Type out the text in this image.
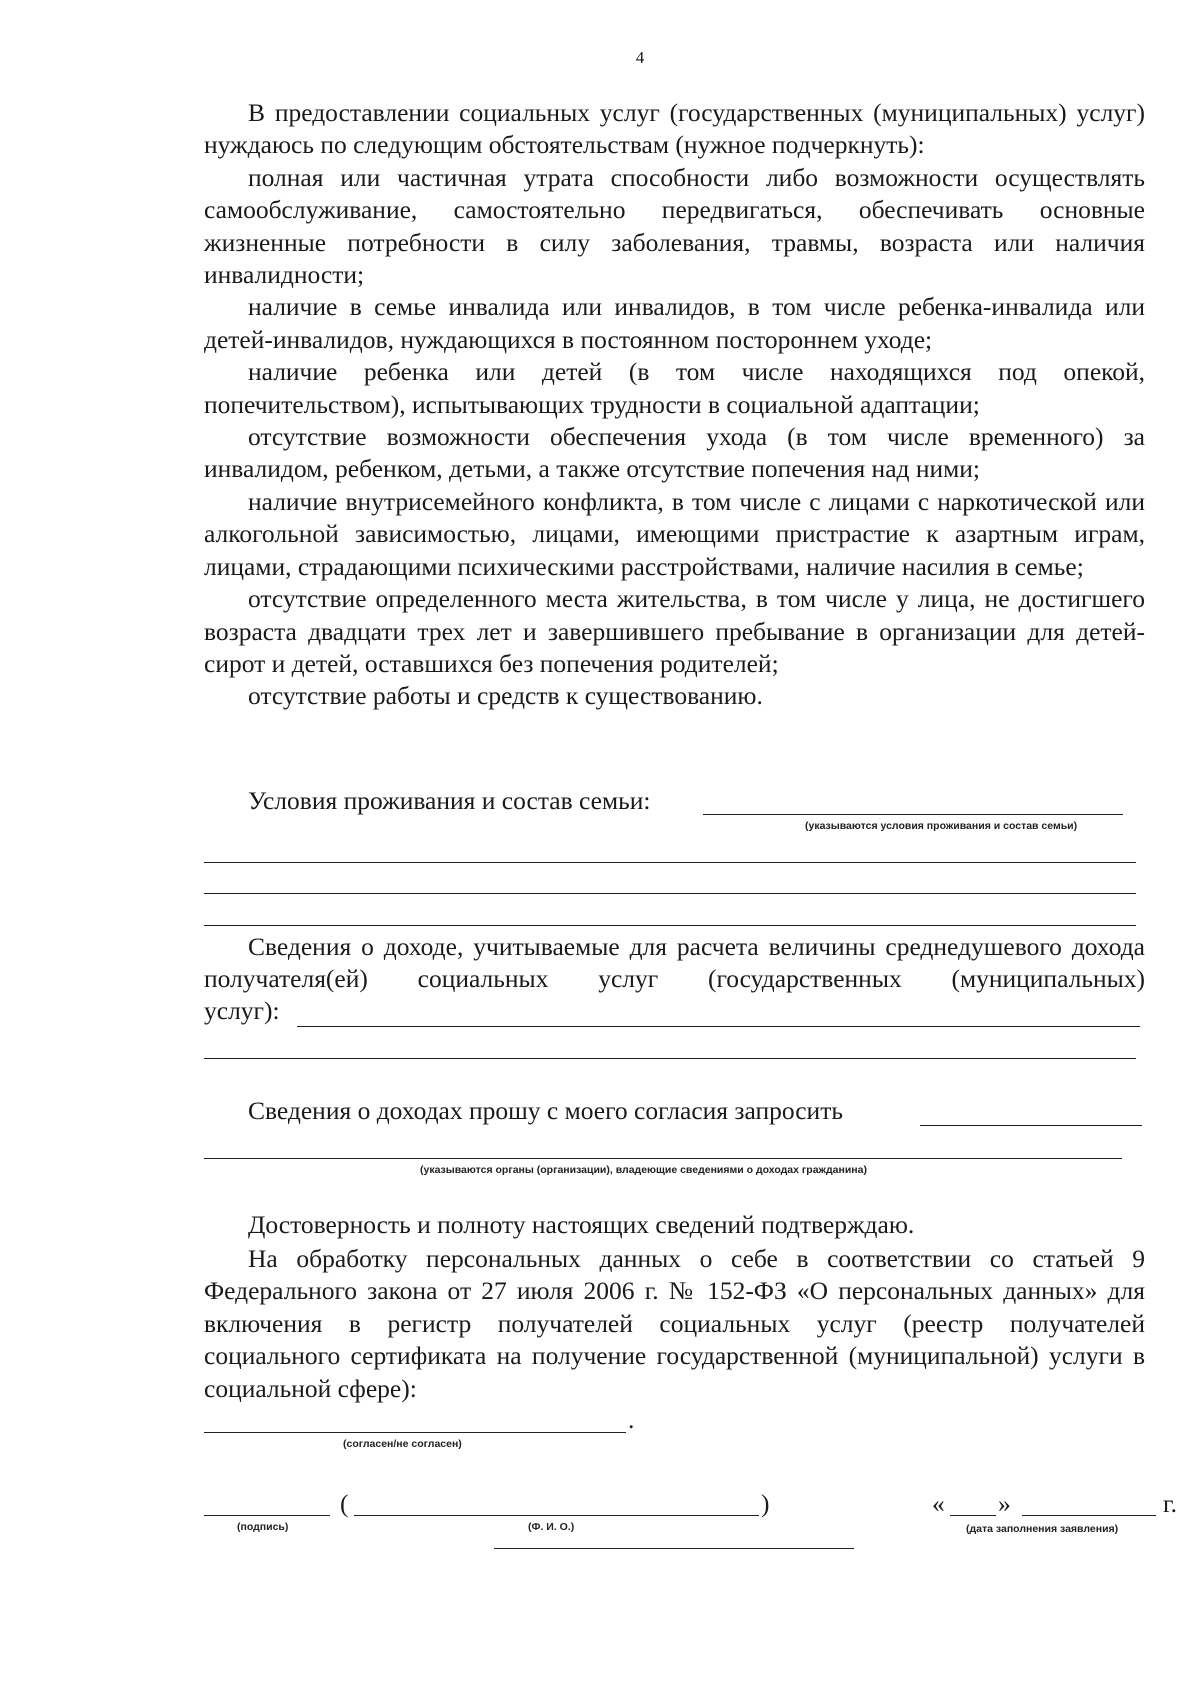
4

В предоставлении социальных услуг (государственных (муниципальных) услуг) нуждаюсь по следующим обстоятельствам (нужное подчеркнуть):

полная или частичная утрата способности либо возможности осуществлять самообслуживание, самостоятельно передвигаться, обеспечивать основные жизненные потребности в силу заболевания, травмы, возраста или наличия инвалидности;

наличие в семье инвалида или инвалидов, в том числе ребенка-инвалида или детей-инвалидов, нуждающихся в постоянном постороннем уходе;

наличие ребенка или детей (в том числе находящихся под опекой, попечительством), испытывающих трудности в социальной адаптации;

отсутствие возможности обеспечения ухода (в том числе временного) за инвалидом, ребенком, детьми, а также отсутствие попечения над ними;

наличие внутрисемейного конфликта, в том числе с лицами с наркотической или алкогольной зависимостью, лицами, имеющими пристрастие к азартным играм, лицами, страдающими психическими расстройствами, наличие насилия в семье;

отсутствие определенного места жительства, в том числе у лица, не достигшего возраста двадцати трех лет и завершившего пребывание в организации для детей-сирот и детей, оставшихся без попечения родителей;

отсутствие работы и средств к существованию.

Условия проживания и состав семьи:
(указываются условия проживания и состав семьи)

Сведения о доходе, учитываемые для расчета величины среднедушевого дохода получателя(ей) социальных услуг (государственных (муниципальных)

услуг):
Сведения о доходах прошу с моего согласия запросить
(указываются органы (организации), владеющие сведениями о доходах гражданина)
Достоверность и полноту настоящих сведений подтверждаю.

На обработку персональных данных о себе в соответствии со статьей 9 Федерального закона от 27 июля 2006 г. № 152-ФЗ «О персональных данных» для включения в регистр получателей социальных услуг (реестр получателей социального сертификата на получение государственной (муниципальной) услуги в социальной сфере):

.
(согласен/не согласен)
(	)	« »	г.
(подпись)	(Ф. И. О.)	(дата заполнения заявления)
